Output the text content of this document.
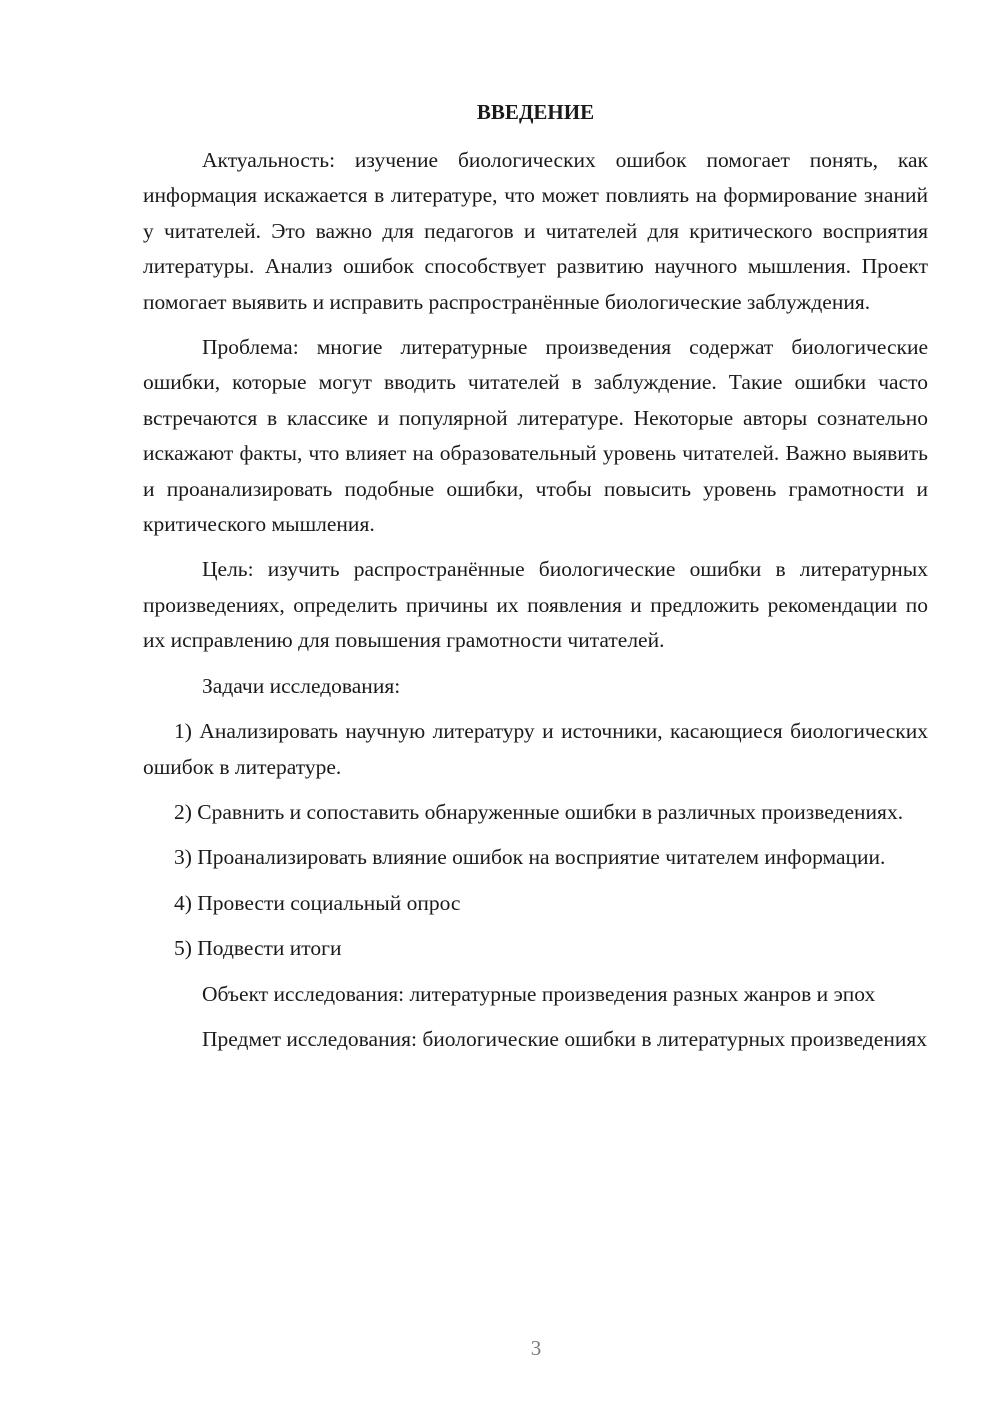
ВВЕДЕНИЕ

Актуальность: изучение биологических ошибок помогает понять, как информация искажается в литературе, что может повлиять на формирование знаний у читателей. Это важно для педагогов и читателей для критического восприятия литературы. Анализ ошибок способствует развитию научного мышления. Проект помогает выявить и исправить распространённые биологические заблуждения.

Проблема: многие литературные произведения содержат биологические ошибки, которые могут вводить читателей в заблуждение. Такие ошибки часто встречаются в классике и популярной литературе. Некоторые авторы сознательно искажают факты, что влияет на образовательный уровень читателей. Важно выявить и проанализировать подобные ошибки, чтобы повысить уровень грамотности и критического мышления.

Цель: изучить распространённые биологические ошибки в литературных произведениях, определить причины их появления и предложить рекомендации по их исправлению для повышения грамотности читателей.

Задачи исследования:

1) Анализировать научную литературу и источники, касающиеся биологических ошибок в литературе.

2) Сравнить и сопоставить обнаруженные ошибки в различных произведениях.

3) Проанализировать влияние ошибок на восприятие читателем информации.

4) Провести социальный опрос

5) Подвести итоги

Объект исследования: литературные произведения разных жанров и эпох

Предмет исследования: биологические ошибки в литературных произведениях

3
